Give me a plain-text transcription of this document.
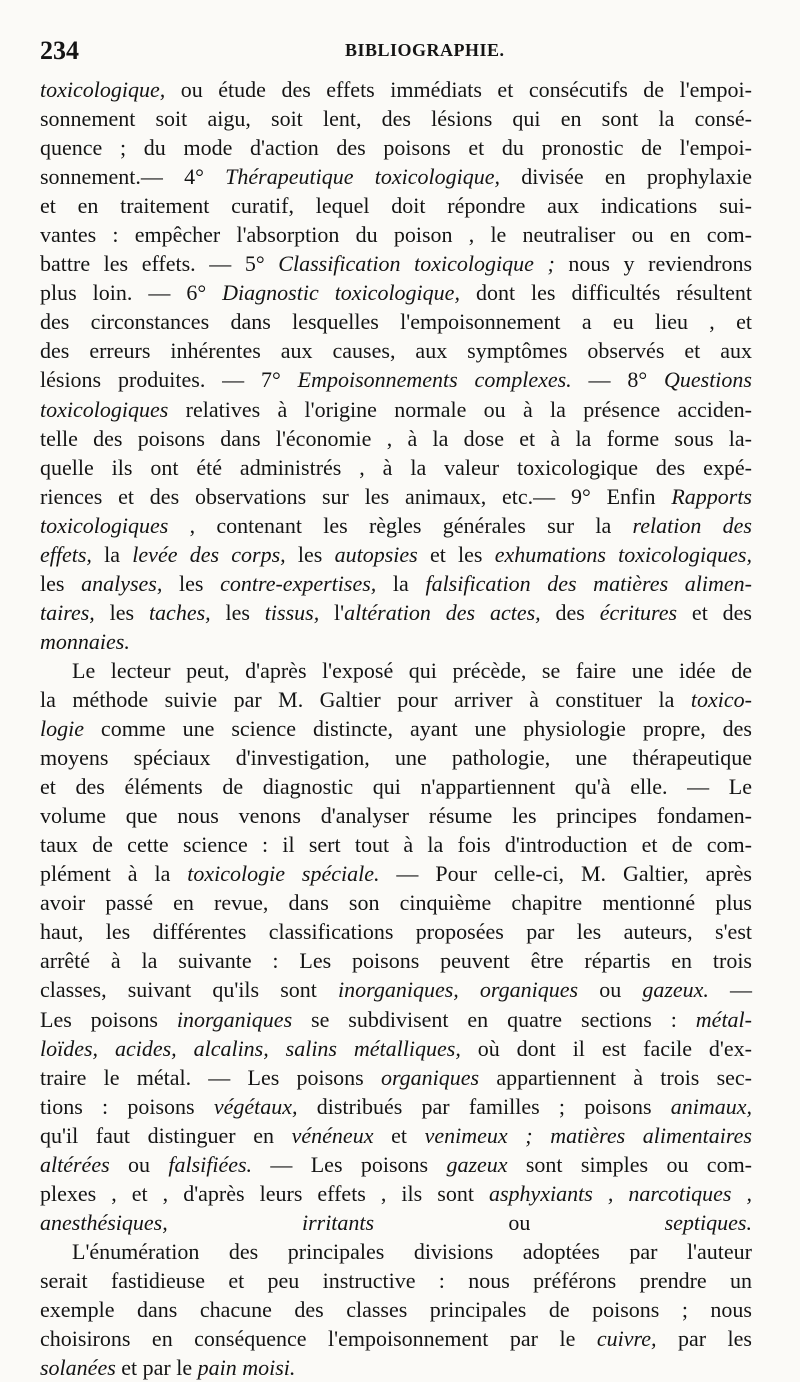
234	BIBLIOGRAPHIE.
toxicologique, ou étude des effets immédiats et consécutifs de l'empoi-
sonnement soit aigu, soit lent, des lésions qui en sont la consé-
quence ; du mode d'action des poisons et du pronostic de l'empoi-
sonnement.— 4° Thérapeutique toxicologique, divisée en prophylaxie
et en traitement curatif, lequel doit répondre aux indications sui-
vantes : empêcher l'absorption du poison , le neutraliser ou en com-
battre les effets. — 5° Classification toxicologique ; nous y reviendrons
plus loin. — 6° Diagnostic toxicologique, dont les difficultés résultent
des circonstances dans lesquelles l'empoisonnement a eu lieu , et
des erreurs inhérentes aux causes, aux symptômes observés et aux
lésions produites. — 7° Empoisonnements complexes. — 8° Questions
toxicologiques relatives à l'origine normale ou à la présence acciden-
telle des poisons dans l'économie , à la dose et à la forme sous la-
quelle ils ont été administrés , à la valeur toxicologique des expé-
riences et des observations sur les animaux, etc.— 9° Enfin Rapports
toxicologiques , contenant les règles générales sur la relation des
effets, la levée des corps, les autopsies et les exhumations toxicologiques,
les analyses, les contre-expertises, la falsification des matières alimen-
taires, les taches, les tissus, l'altération des actes, des écritures et des
monnaies.
Le lecteur peut, d'après l'exposé qui précède, se faire une idée de
la méthode suivie par M. Galtier pour arriver à constituer la toxico-
logie comme une science distincte, ayant une physiologie propre, des
moyens spéciaux d'investigation, une pathologie, une thérapeutique
et des éléments de diagnostic qui n'appartiennent qu'à elle. — Le
volume que nous venons d'analyser résume les principes fondamen-
taux de cette science : il sert tout à la fois d'introduction et de com-
plément à la toxicologie spéciale. — Pour celle-ci, M. Galtier, après
avoir passé en revue, dans son cinquième chapitre mentionné plus
haut, les différentes classifications proposées par les auteurs, s'est
arrêté à la suivante : Les poisons peuvent être répartis en trois
classes, suivant qu'ils sont inorganiques, organiques ou gazeux. —
Les poisons inorganiques se subdivisent en quatre sections : métal-
loïdes, acides, alcalins, salins métalliques, où dont il est facile d'ex-
traire le métal. — Les poisons organiques appartiennent à trois sec-
tions : poisons végétaux, distribués par familles ; poisons animaux,
qu'il faut distinguer en vénéneux et venimeux ; matières alimentaires
altérées ou falsifiées. — Les poisons gazeux sont simples ou com-
plexes , et , d'après leurs effets , ils sont asphyxiants , narcotiques ,
anesthésiques, irritants ou septiques.
L'énumération des principales divisions adoptées par l'auteur
serait fastidieuse et peu instructive : nous préférons prendre un
exemple dans chacune des classes principales de poisons ; nous
choisirons en conséquence l'empoisonnement par le cuivre, par les
solanées et par le pain moisi.
